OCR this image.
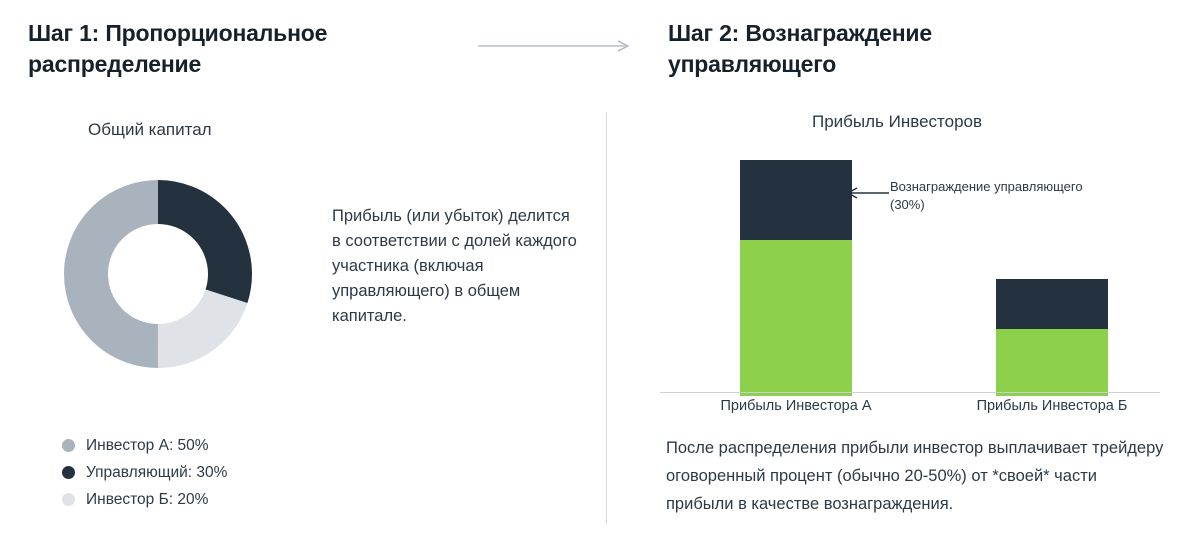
Шаг 1: Пропорциональное распределение
Шаг 2: Вознаграждение управляющего
Общий капитал
Прибыль (или убыток) делится в соответствии с долей каждого участника (включая управляющего) в общем капитале.
Инвестор А: 50%
Управляющий: 30%
Инвестор Б: 20%
Прибыль Инвесторов
Прибыль Инвестора А	Прибыль Инвестора Б
Вознаграждение управляющего (30%)
После распределения прибыли инвестор выплачивает трейдеру оговоренный процент (обычно 20-50%) от *своей* части прибыли в качестве вознаграждения.
